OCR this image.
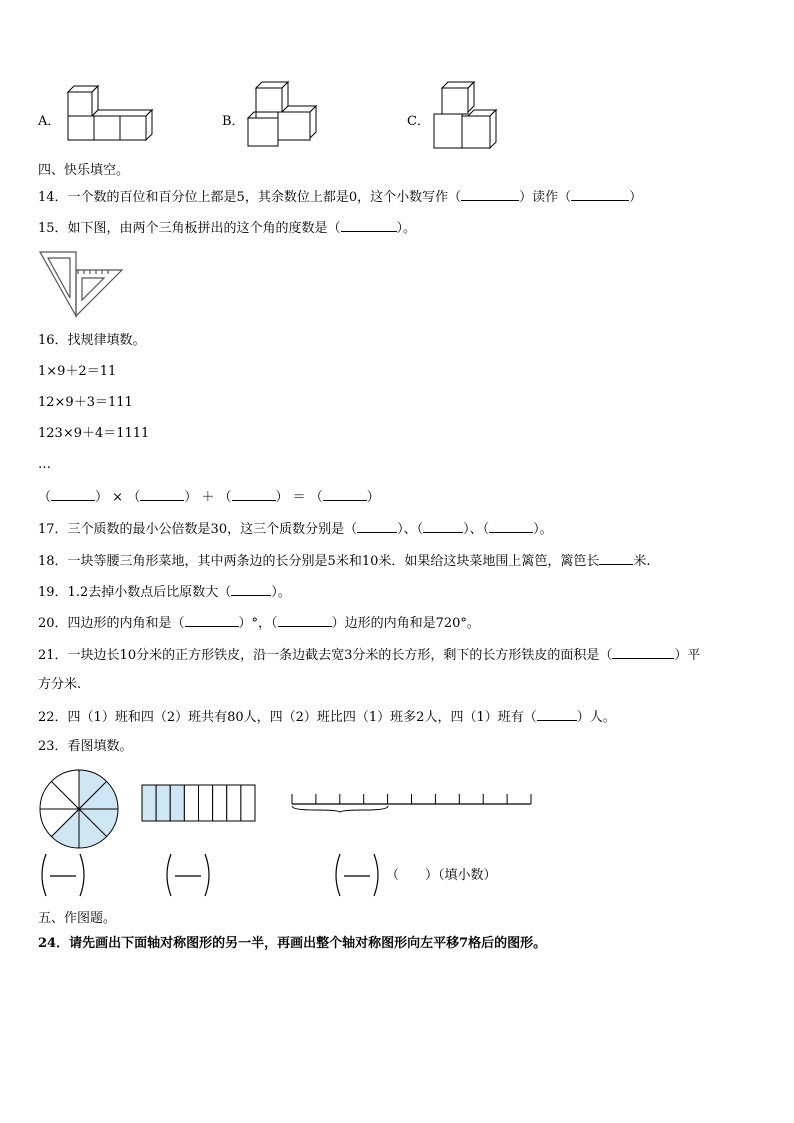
A．	B．	C．
四、快乐填空。
14．一个数的百位和百分位上都是5，其余数位上都是0，这个小数写作（	）读作（	）
15．如下图，由两个三角板拼出的这个角的度数是（	）。
16．找规律填数。
1×9＋2＝11
12×9＋3＝111
123×9＋4＝1111
…
（	） × （	） ＋ （	） ＝ （	）
17．三个质数的最小公倍数是30，这三个质数分别是（	）、（	）、（	）。
18．一块等腰三角形菜地，其中两条边的长分别是5米和10米．如果给这块菜地围上篱笆，篱笆长	米.
19．1.2去掉小数点后比原数大（	）。
20．四边形的内角和是（	）°，（	）边形的内角和是720°。
21．一块边长10分米的正方形铁皮，沿一条边截去宽3分米的长方形，剩下的长方形铁皮的面积是（	）平
方分米.
22．四（1）班和四（2）班共有80人，四（2）班比四（1）班多2人，四（1）班有（	）人。
23．看图填数。
（　　）（填小数）
五、作图题。
24．请先画出下面轴对称图形的另一半，再画出整个轴对称图形向左平移7格后的图形。
